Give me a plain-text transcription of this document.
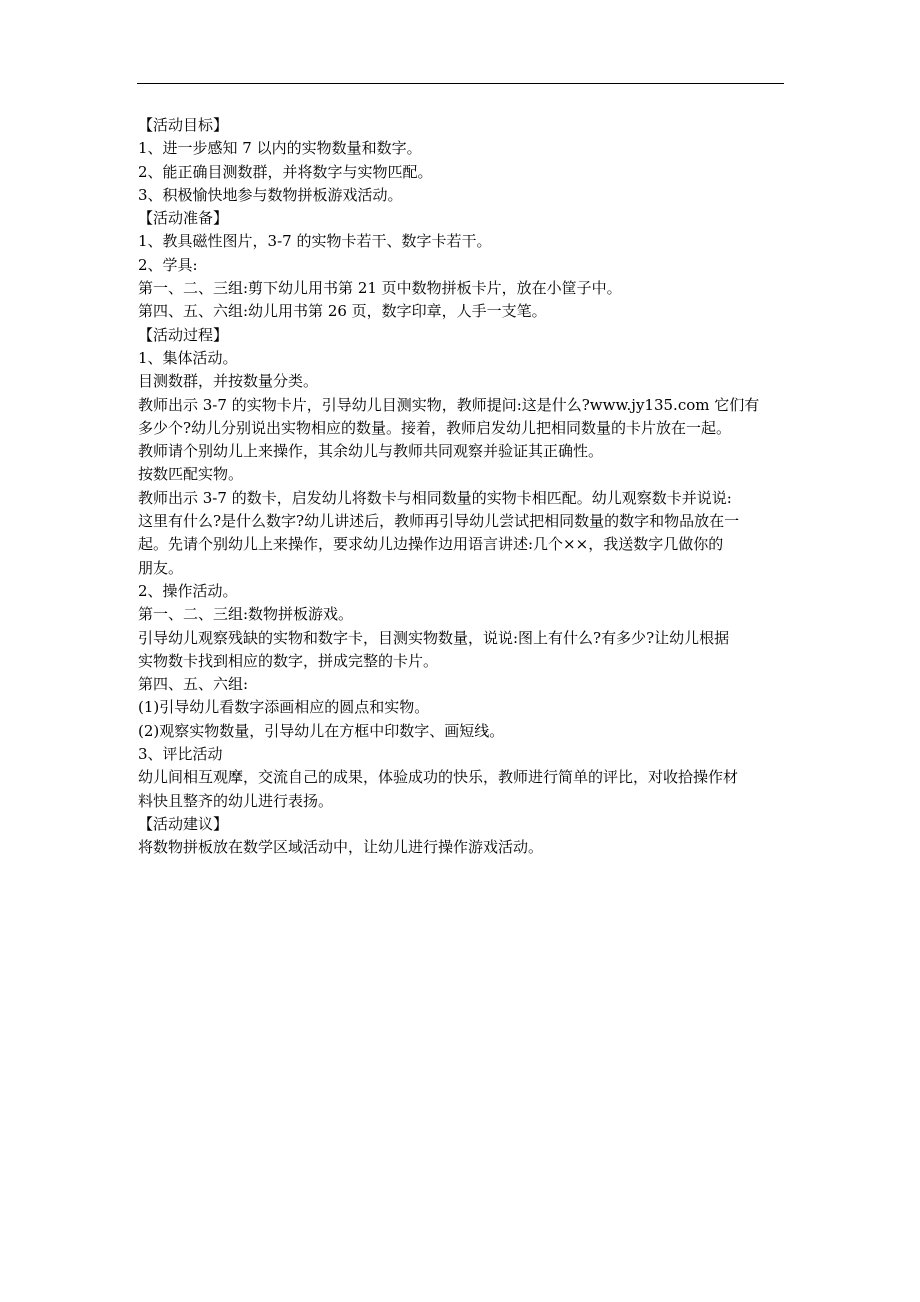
【活动目标】
1、进一步感知 7 以内的实物数量和数字。
2、能正确目测数群，并将数字与实物匹配。
3、积极愉快地参与数物拼板游戏活动。
【活动准备】
1、教具磁性图片，3-7 的实物卡若干、数字卡若干。
2、学具:
第一、二、三组:剪下幼儿用书第 21 页中数物拼板卡片，放在小筐子中。
第四、五、六组:幼儿用书第 26 页，数字印章，人手一支笔。
【活动过程】
1、集体活动。
目测数群，并按数量分类。
教师出示 3-7 的实物卡片，引导幼儿目测实物，教师提问:这是什么?www.jy135.com 它们有
多少个?幼儿分别说出实物相应的数量。接着，教师启发幼儿把相同数量的卡片放在一起。
教师请个别幼儿上来操作，其余幼儿与教师共同观察并验证其正确性。
按数匹配实物。
教师出示 3-7 的数卡，启发幼儿将数卡与相同数量的实物卡相匹配。幼儿观察数卡并说说:
这里有什么?是什么数字?幼儿讲述后，教师再引导幼儿尝试把相同数量的数字和物品放在一
起。先请个别幼儿上来操作，要求幼儿边操作边用语言讲述:几个××，我送数字几做你的
朋友。
2、操作活动。
第一、二、三组:数物拼板游戏。
引导幼儿观察残缺的实物和数字卡，目测实物数量，说说:图上有什么?有多少?让幼儿根据
实物数卡找到相应的数字，拼成完整的卡片。
第四、五、六组:
(1)引导幼儿看数字添画相应的圆点和实物。
(2)观察实物数量，引导幼儿在方框中印数字、画短线。
3、评比活动
幼儿间相互观摩，交流自己的成果，体验成功的快乐，教师进行简单的评比，对收拾操作材
料快且整齐的幼儿进行表扬。
【活动建议】
将数物拼板放在数学区域活动中，让幼儿进行操作游戏活动。
